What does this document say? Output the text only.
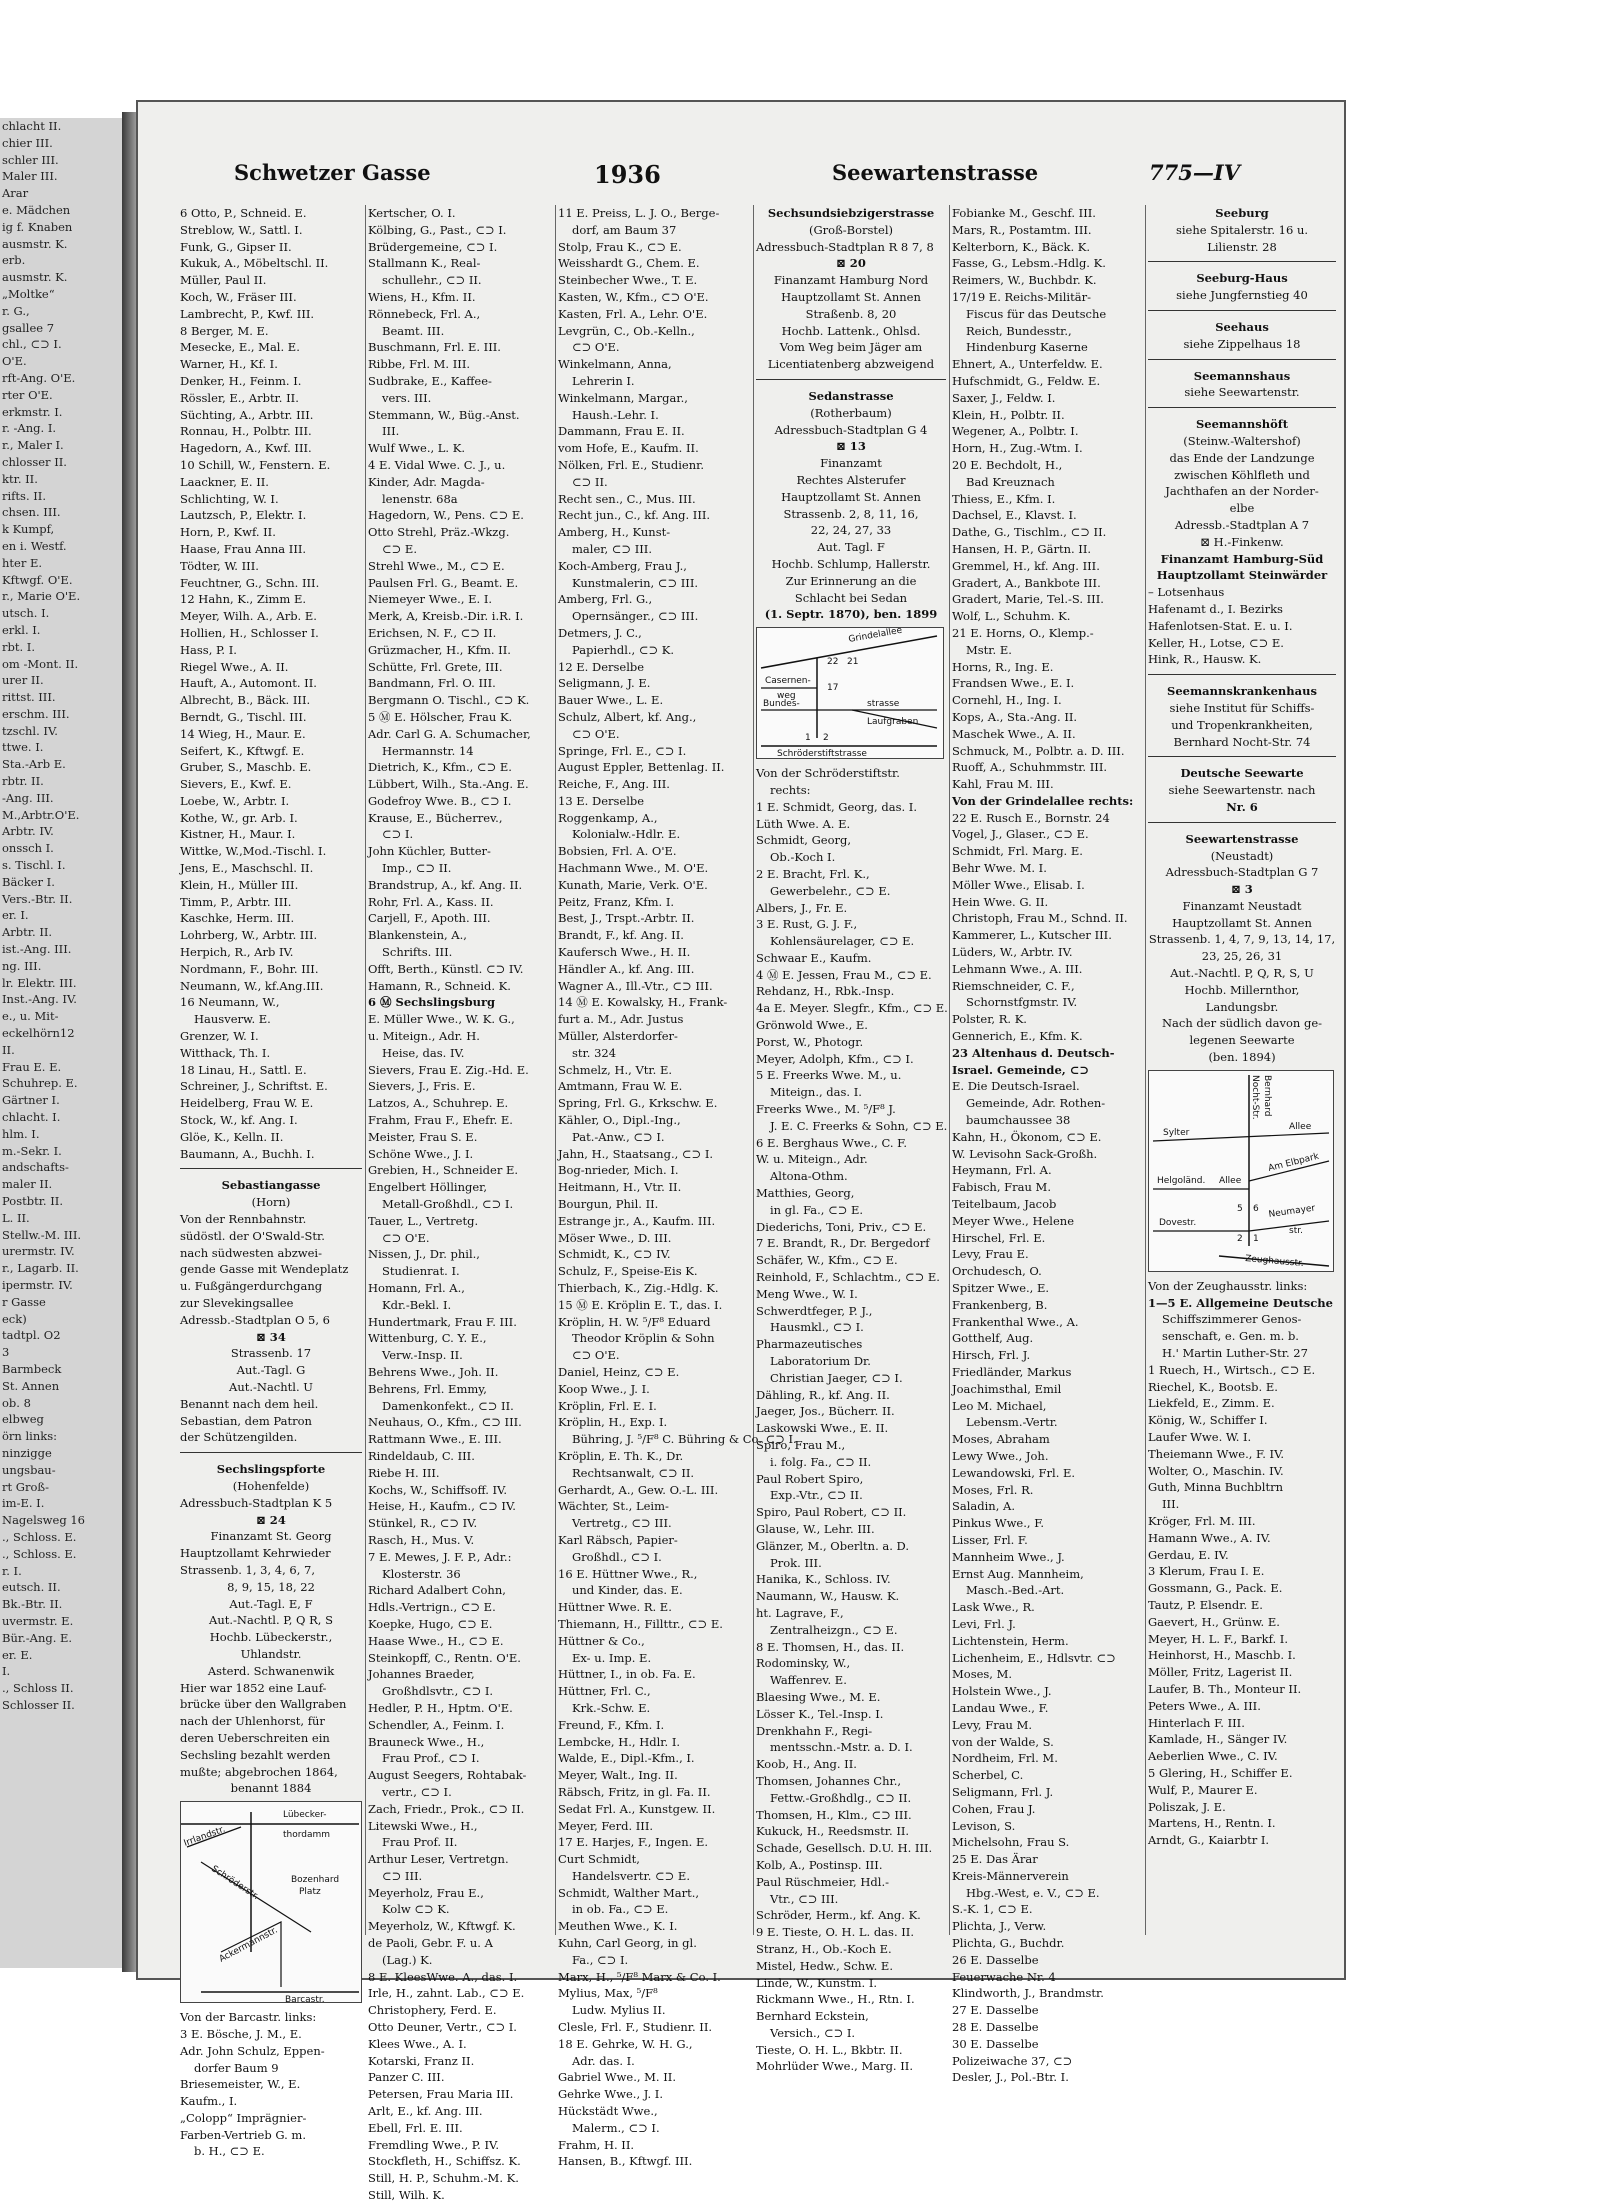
chlacht II.
chier III.
schler III.
Maler III.
Arar
e. Mädchen
ig f. Knaben
ausmstr. K.
erb.
ausmstr. K.
„Moltke“
r. G.,
gsallee 7
chl., ⊂⊃ I.
O'E.
rft-Ang. O'E.
rter O'E.
erkmstr. I.
r. -Ang. I.
r., Maler I.
chlosser II.
ktr. II.
rifts. II.
chsen. III.
k Kumpf,
en i. Westf.
hter E.
Kftwgf. O'E.
r., Marie O'E.
utsch. I.
erkl. I.
rbt. I.
om -Mont. II.
urer II.
rittst. III.
erschm. III.
tzschl. IV.
ttwe. I.
Sta.-Arb E.
rbtr. II.
-Ang. III.
M.,Arbtr.O'E.
Arbtr. IV.
onssch I.
s. Tischl. I.
Bäcker I.
Vers.-Btr. II.
er. I.
Arbtr. II.
ist.-Ang. III.
ng. III.
lr. Elektr. III.
Inst.-Ang. IV.
e., u. Mit-
eckelhörn12
II.
Frau E. E.
Schuhrep. E.
Gärtner I.
chlacht. I.
hlm. I.
m.-Sekr. I.
andschafts-
maler II.
Postbtr. II.
L. II.
Stellw.-M. III.
urermstr. IV.
r., Lagarb. II.
ipermstr. IV.
r Gasse
eck)
tadtpl. O2
3
Barmbeck
St. Annen
ob. 8
elbweg
örn links:
ninzigge
ungsbau-
rt Groß-
im-E. I.
Nagelsweg 16
., Schloss. E.
., Schloss. E.
r. I.
eutsch. II.
Bk.-Btr. II.
uvermstr. E.
Bür.-Ang. E.
er. E.
I.
., Schloss II.
Schlosser II.
Schwetzer Gasse	1936	Seewartenstrasse	775—IV
6 Otto, P., Schneid. E.
Streblow, W., Sattl. I.
Funk, G., Gipser II.
Kukuk, A., Möbeltschl. II.
Müller, Paul II.
Koch, W., Fräser III.
Lambrecht, P., Kwf. III.
8 Berger, M. E.
Mesecke, E., Mal. E.
Warner, H., Kf. I.
Denker, H., Feinm. I.
Rössler, E., Arbtr. II.
Süchting, A., Arbtr. III.
Ronnau, H., Polbtr. III.
Hagedorn, A., Kwf. III.
10 Schill, W., Fenstern. E.
Laackner, E. II.
Schlichting, W. I.
Lautzsch, P., Elektr. I.
Horn, P., Kwf. II.
Haase, Frau Anna III.
Tödter, W. III.
Feuchtner, G., Schn. III.
12 Hahn, K., Zimm E.
Meyer, Wilh. A., Arb. E.
Hollien, H., Schlosser I.
Hass, P. I.
Riegel Wwe., A. II.
Hauft, A., Automont. II.
Albrecht, B., Bäck. III.
Berndt, G., Tischl. III.
14 Wieg, H., Maur. E.
Seifert, K., Kftwgf. E.
Gruber, S., Maschb. E.
Sievers, E., Kwf. E.
Loebe, W., Arbtr. I.
Kothe, W., gr. Arb. I.
Kistner, H., Maur. I.
Wittke, W.,Mod.-Tischl. I.
Jens, E., Maschschl. II.
Klein, H., Müller III.
Timm, P., Arbtr. III.
Kaschke, Herm. III.
Lohrberg, W., Arbtr. III.
Herpich, R., Arb IV.
Nordmann, F., Bohr. III.
Neumann, W., kf.Ang.III.
16 Neumann, W.,
Hausverw. E.
Grenzer, W. I.
Witthack, Th. I.
18 Linau, H., Sattl. E.
Schreiner, J., Schriftst. E.
Heidelberg, Frau W. E.
Stock, W., kf. Ang. I.
Glöe, K., Kelln. II.
Baumann, A., Buchh. I.
Sebastiangasse
(Horn)
Von der Rennbahnstr.
südöstl. der O'Swald-Str.
nach südwesten abzwei-
gende Gasse mit Wendeplatz
u. Fußgängerdurchgang
zur Slevekingsallee
Adressb.-Stadtplan O 5, 6
⊠ 34
Strassenb. 17
Aut.-Tagl. G
Aut.-Nachtl. U
Benannt nach dem heil.
Sebastian, dem Patron
der Schützengilden.
Sechslingspforte
(Hohenfelde)
Adressbuch-Stadtplan K 5
⊠ 24
Finanzamt St. Georg
Hauptzollamt Kehrwieder
Strassenb. 1, 3, 4, 6, 7,
8, 9, 15, 18, 22
Aut.-Tagl. E, F
Aut.-Nachtl. P, Q R, S
Hochb. Lübeckerstr.,
Uhlandstr.
Asterd. Schwanenwik
Hier war 1852 eine Lauf-
brücke über den Wallgraben
nach der Uhlenhorst, für
deren Ueberschreiten ein
Sechsling bezahlt werden
mußte; abgebrochen 1864,
benannt 1884
Lübecker-
thordamm
Irrlandstr.
Schröderstr.	Bozenhard
Platz
Ackermannstr.
Barcastr.
Von der Barcastr. links:
3 E. Bösche, J. M., E.
Adr. John Schulz, Eppen-
dorfer Baum 9
Briesemeister, W., E.
Kaufm., I.
„Colopp“ Imprägnier-
Farben-Vertrieb G. m.
b. H., ⊂⊃ E.
Kertscher, O. I.
Kölbing, G., Past., ⊂⊃ I.
Brüdergemeine, ⊂⊃ I.
Stallmann K., Real-
schullehr., ⊂⊃ II.
Wiens, H., Kfm. II.
Rönnebeck, Frl. A.,
Beamt. III.
Buschmann, Frl. E. III.
Ribbe, Frl. M. III.
Sudbrake, E., Kaffee-
vers. III.
Stemmann, W., Büg.-Anst.
III.
Wulf Wwe., L. K.
4 E. Vidal Wwe. C. J., u.
Kinder, Adr. Magda-
lenenstr. 68a
Hagedorn, W., Pens. ⊂⊃ E.
Otto Strehl, Präz.-Wkzg.
⊂⊃ E.
Strehl Wwe., M., ⊂⊃ E.
Paulsen Frl. G., Beamt. E.
Niemeyer Wwe., E. I.
Merk, A, Kreisb.-Dir. i.R. I.
Erichsen, N. F., ⊂⊃ II.
Grüzmacher, H., Kfm. II.
Schütte, Frl. Grete, III.
Bandmann, Frl. O. III.
Bergmann O. Tischl., ⊂⊃ K.
5 Ⓜ E. Hölscher, Frau K.
Adr. Carl G. A. Schumacher,
Hermannstr. 14
Dietrich, K., Kfm., ⊂⊃ E.
Lübbert, Wilh., Sta.-Ang. E.
Godefroy Wwe. B., ⊂⊃ I.
Krause, E., Bücherrev.,
⊂⊃ I.
John Küchler, Butter-
Imp., ⊂⊃ II.
Brandstrup, A., kf. Ang. II.
Rohr, Frl. A., Kass. II.
Carjell, F., Apoth. III.
Blankenstein, A.,
Schrifts. III.
Offt, Berth., Künstl. ⊂⊃ IV.
Hamann, R., Schneid. K.
6 Ⓜ Sechslingsburg
E. Müller Wwe., W. K. G.,
u. Miteign., Adr. H.
Heise, das. IV.
Sievers, Frau E. Zig.-Hd. E.
Sievers, J., Fris. E.
Latzos, A., Schuhrep. E.
Frahm, Frau F., Ehefr. E.
Meister, Frau S. E.
Schöne Wwe., J. I.
Grebien, H., Schneider E.
Engelbert Höllinger,
Metall-Großhdl., ⊂⊃ I.
Tauer, L., Vertretg.
⊂⊃ O'E.
Nissen, J., Dr. phil.,
Studienrat. I.
Homann, Frl. A.,
Kdr.-Bekl. I.
Hundertmark, Frau F. III.
Wittenburg, C. Y. E.,
Verw.-Insp. II.
Behrens Wwe., Joh. II.
Behrens, Frl. Emmy,
Damenkonfekt., ⊂⊃ II.
Neuhaus, O., Kfm., ⊂⊃ III.
Rattmann Wwe., E. III.
Rindeldaub, C. III.
Riebe H. III.
Kochs, W., Schiffsoff. IV.
Heise, H., Kaufm., ⊂⊃ IV.
Stünkel, R., ⊂⊃ IV.
Rasch, H., Mus. V.
7 E. Mewes, J. F. P., Adr.:
Klosterstr. 36
Richard Adalbert Cohn,
Hdls.-Vertrign., ⊂⊃ E.
Koepke, Hugo, ⊂⊃ E.
Haase Wwe., H., ⊂⊃ E.
Steinkopff, C., Rentn. O'E.
Johannes Braeder,
Großhdlsvtr., ⊂⊃ I.
Hedler, P. H., Hptm. O'E.
Schendler, A., Feinm. I.
Brauneck Wwe., H.,
Frau Prof., ⊂⊃ I.
August Seegers, Rohtabak-
vertr., ⊂⊃ I.
Zach, Friedr., Prok., ⊂⊃ II.
Litewski Wwe., H.,
Frau Prof. II.
Arthur Leser, Vertretgn.
⊂⊃ III.
Meyerholz, Frau E.,
Kolw ⊂⊃ K.
Meyerholz, W., Kftwgf. K.
de Paoli, Gebr. F. u. A
(Lag.) K.
8 E. KleesWwe. A., das. I.
Irle, H., zahnt. Lab., ⊂⊃ E.
Christophery, Ferd. E.
Otto Deuner, Vertr., ⊂⊃ I.
Klees Wwe., A. I.
Kotarski, Franz II.
Panzer C. III.
Petersen, Frau Maria III.
Arlt, E., kf. Ang. III.
Ebell, Frl. E. III.
Fremdling Wwe., P. IV.
Stockfleth, H., Schiffsz. K.
Still, H. P., Schuhm.-M. K.
Still, Wilh. K.
11 E. Preiss, L. J. O., Berge-
dorf, am Baum 37
Stolp, Frau K., ⊂⊃ E.
Weisshardt G., Chem. E.
Steinbecher Wwe., T. E.
Kasten, W., Kfm., ⊂⊃ O'E.
Kasten, Frl. A., Lehr. O'E.
Levgrün, C., Ob.-Kelln.,
⊂⊃ O'E.
Winkelmann, Anna,
Lehrerin I.
Winkelmann, Margar.,
Haush.-Lehr. I.
Dammann, Frau E. II.
vom Hofe, E., Kaufm. II.
Nölken, Frl. E., Studienr.
⊂⊃ II.
Recht sen., C., Mus. III.
Recht jun., C., kf. Ang. III.
Amberg, H., Kunst-
maler, ⊂⊃ III.
Koch-Amberg, Frau J.,
Kunstmalerin, ⊂⊃ III.
Amberg, Frl. G.,
Opernsänger., ⊂⊃ III.
Detmers, J. C.,
Papierhdl., ⊂⊃ K.
12 E. Derselbe
Seligmann, J. E.
Bauer Wwe., L. E.
Schulz, Albert, kf. Ang.,
⊂⊃ O'E.
Springe, Frl. E., ⊂⊃ I.
August Eppler, Bettenlag. II.
Reiche, F., Ang. III.
13 E. Derselbe
Roggenkamp, A.,
Kolonialw.-Hdlr. E.
Bobsien, Frl. A. O'E.
Hachmann Wwe., M. O'E.
Kunath, Marie, Verk. O'E.
Peitz, Franz, Kfm. I.
Best, J., Trspt.-Arbtr. II.
Brandt, F., kf. Ang. II.
Kaufersch Wwe., H. II.
Händler A., kf. Ang. III.
Wagner A., Ill.-Vtr., ⊂⊃ III.
14 Ⓜ E. Kowalsky, H., Frank-
furt a. M., Adr. Justus
Müller, Alsterdorfer-
str. 324
Schmelz, H., Vtr. E.
Amtmann, Frau W. E.
Spring, Frl. G., Krkschw. E.
Kähler, O., Dipl.-Ing.,
Pat.-Anw., ⊂⊃ I.
Jahn, H., Staatsang., ⊂⊃ I.
Bog-nrieder, Mich. I.
Heitmann, H., Vtr. II.
Bourgun, Phil. II.
Estrange jr., A., Kaufm. III.
Möser Wwe., D. III.
Schmidt, K., ⊂⊃ IV.
Schulz, F., Speise-Eis K.
Thierbach, K., Zig.-Hdlg. K.
15 Ⓜ E. Kröplin E. T., das. I.
Kröplin, H. W. ⁵/F⁸ Eduard
Theodor Kröplin & Sohn
⊂⊃ O'E.
Daniel, Heinz, ⊂⊃ E.
Koop Wwe., J. I.
Kröplin, Frl. E. I.
Kröplin, H., Exp. I.
Bühring, J. ⁵/F⁸ C. Bühring & Co. ⊂⊃ I.
Kröplin, E. Th. K., Dr.
Rechtsanwalt, ⊂⊃ II.
Gerhardt, A., Gew. O.-L. III.
Wächter, St., Leim-
Vertretg., ⊂⊃ III.
Karl Räbsch, Papier-
Großhdl., ⊂⊃ I.
16 E. Hüttner Wwe., R.,
und Kinder, das. E.
Hüttner Wwe. R. E.
Thiemann, H., Fillttr., ⊂⊃ E.
Hüttner & Co.,
Ex- u. Imp. E.
Hüttner, I., in ob. Fa. E.
Hüttner, Frl. C.,
Krk.-Schw. E.
Freund, F., Kfm. I.
Lembcke, H., Hdlr. I.
Walde, E., Dipl.-Kfm., I.
Meyer, Walt., Ing. II.
Räbsch, Fritz, in gl. Fa. II.
Sedat Frl. A., Kunstgew. II.
Meyer, Ferd. III.
17 E. Harjes, F., Ingen. E.
Curt Schmidt,
Handelsvertr. ⊂⊃ E.
Schmidt, Walther Mart.,
in ob. Fa., ⊂⊃ E.
Meuthen Wwe., K. I.
Kuhn, Carl Georg, in gl.
Fa., ⊂⊃ I.
Marx, H., ⁵/F⁸ Marx & Co. I.
Mylius, Max, ⁵/F⁸
Ludw. Mylius II.
Clesle, Frl. F., Studienr. II.
18 E. Gehrke, W. H. G.,
Adr. das. I.
Gabriel Wwe., M. II.
Gehrke Wwe., J. I.
Hückstädt Wwe.,
Malerm., ⊂⊃ I.
Frahm, H. II.
Hansen, B., Kftwgf. III.
Sechsundsiebzigerstrasse
(Groß-Borstel)
Adressbuch-Stadtplan R 8 7, 8
⊠ 20
Finanzamt Hamburg Nord
Hauptzollamt St. Annen
Straßenb. 8, 20
Hochb. Lattenk., Ohlsd.
Vom Weg beim Jäger am
Licentiatenberg abzweigend
Sedanstrasse
(Rotherbaum)
Adressbuch-Stadtplan G 4
⊠ 13
Finanzamt
Rechtes Alsterufer
Hauptzollamt St. Annen
Strassenb. 2, 8, 11, 16,
22, 24, 27, 33
Aut. Tagl. F
Hochb. Schlump, Hallerstr.
Zur Erinnerung an die
Schlacht bei Sedan
(1. Septr. 1870), ben. 1899
Grindelallee
22 21
Casernen-
weg
17
Bundes-	strasse
Laufgraben
1 2
Schröderstiftstrasse
Von der Schröderstiftstr.
rechts:
1 E. Schmidt, Georg, das. I.
Lüth Wwe. A. E.
Schmidt, Georg,
Ob.-Koch I.
2 E. Bracht, Frl. K.,
Gewerbelehr., ⊂⊃ E.
Albers, J., Fr. E.
3 E. Rust, G. J. F.,
Kohlensäurelager, ⊂⊃ E.
Schwaar E., Kaufm.
4 Ⓜ E. Jessen, Frau M., ⊂⊃ E.
Rehdanz, H., Rbk.-Insp.
4a E. Meyer. Slegfr., Kfm., ⊂⊃ E.
Grönwold Wwe., E.
Porst, W., Photogr.
Meyer, Adolph, Kfm., ⊂⊃ I.
5 E. Freerks Wwe. M., u.
Miteign., das. I.
Freerks Wwe., M. ⁵/F⁸ J.
J. E. C. Freerks & Sohn, ⊂⊃ E.
6 E. Berghaus Wwe., C. F.
W. u. Miteign., Adr.
Altona-Othm.
Matthies, Georg,
in gl. Fa., ⊂⊃ E.
Diederichs, Toni, Priv., ⊂⊃ E.
7 E. Brandt, R., Dr. Bergedorf
Schäfer, W., Kfm., ⊂⊃ E.
Reinhold, F., Schlachtm., ⊂⊃ E.
Meng Wwe., W. I.
Schwerdtfeger, P. J.,
Hausmkl., ⊂⊃ I.
Pharmazeutisches
Laboratorium Dr.
Christian Jaeger, ⊂⊃ I.
Dähling, R., kf. Ang. II.
Jaeger, Jos., Bücherr. II.
Laskowski Wwe., E. II.
Spiro, Frau M.,
i. folg. Fa., ⊂⊃ II.
Paul Robert Spiro,
Exp.-Vtr., ⊂⊃ II.
Spiro, Paul Robert, ⊂⊃ II.
Glause, W., Lehr. III.
Glänzer, M., Oberltn. a. D.
Prok. III.
Hanika, K., Schloss. IV.
Naumann, W., Hausw. K.
ht. Lagrave, F.,
Zentralheizgn., ⊂⊃ E.
8 E. Thomsen, H., das. II.
Rodominsky, W.,
Waffenrev. E.
Blaesing Wwe., M. E.
Lösser K., Tel.-Insp. I.
Drenkhahn F., Regi-
mentsschn.-Mstr. a. D. I.
Koob, H., Ang. II.
Thomsen, Johannes Chr.,
Fettw.-Großhdlg., ⊂⊃ II.
Thomsen, H., Klm., ⊂⊃ III.
Kukuck, H., Reedsmstr. II.
Schade, Gesellsch. D.U. H. III.
Kolb, A., Postinsp. III.
Paul Rüschmeier, Hdl.-
Vtr., ⊂⊃ III.
Schröder, Herm., kf. Ang. K.
9 E. Tieste, O. H. L. das. II.
Stranz, H., Ob.-Koch E.
Mistel, Hedw., Schw. E.
Linde, W., Kunstm. I.
Rickmann Wwe., H., Rtn. I.
Bernhard Eckstein,
Versich., ⊂⊃ I.
Tieste, O. H. L., Bkbtr. II.
Mohrlüder Wwe., Marg. II.
Fobianke M., Geschf. III.
Mars, R., Postamtm. III.
Kelterborn, K., Bäck. K.
Fasse, G., Lebsm.-Hdlg. K.
Reimers, W., Buchbdr. K.
17/19 E. Reichs-Militär-
Fiscus für das Deutsche
Reich, Bundesstr.,
Hindenburg Kaserne
Ehnert, A., Unterfeldw. E.
Hufschmidt, G., Feldw. E.
Saxer, J., Feldw. I.
Klein, H., Polbtr. II.
Wegener, A., Polbtr. I.
Horn, H., Zug.-Wtm. I.
20 E. Bechdolt, H.,
Bad Kreuznach
Thiess, E., Kfm. I.
Dachsel, E., Klavst. I.
Dathe, G., Tischlm., ⊂⊃ II.
Hansen, H. P., Gärtn. II.
Gremmel, H., kf. Ang. III.
Gradert, A., Bankbote III.
Gradert, Marie, Tel.-S. III.
Wolf, L., Schuhm. K.
21 E. Horns, O., Klemp.-
Mstr. E.
Horns, R., Ing. E.
Frandsen Wwe., E. I.
Cornehl, H., Ing. I.
Kops, A., Sta.-Ang. II.
Maschek Wwe., A. II.
Schmuck, M., Polbtr. a. D. III.
Ruoff, A., Schuhmmstr. III.
Kahl, Frau M. III.
Von der Grindelallee rechts:
22 E. Rusch E., Bornstr. 24
Vogel, J., Glaser., ⊂⊃ E.
Schmidt, Frl. Marg. E.
Behr Wwe. M. I.
Möller Wwe., Elisab. I.
Hein Wwe. G. II.
Christoph, Frau M., Schnd. II.
Kammerer, L., Kutscher III.
Lüders, W., Arbtr. IV.
Lehmann Wwe., A. III.
Riemschneider, C. F.,
Schornstfgmstr. IV.
Polster, R. K.
Gennerich, E., Kfm. K.
23 Altenhaus d. Deutsch-
Israel. Gemeinde, ⊂⊃
E. Die Deutsch-Israel.
Gemeinde, Adr. Rothen-
baumchaussee 38
Kahn, H., Ökonom, ⊂⊃ E.
W. Levisohn Sack-Großh.
Heymann, Frl. A.
Fabisch, Frau M.
Teitelbaum, Jacob
Meyer Wwe., Helene
Hirschel, Frl. E.
Levy, Frau E.
Orchudesch, O.
Spitzer Wwe., E.
Frankenberg, B.
Frankenthal Wwe., A.
Gotthelf, Aug.
Hirsch, Frl. J.
Friedländer, Markus
Joachimsthal, Emil
Leo M. Michael,
Lebensm.-Vertr.
Moses, Abraham
Lewy Wwe., Joh.
Lewandowski, Frl. E.
Moses, Frl. R.
Saladin, A.
Pinkus Wwe., F.
Lisser, Frl. F.
Mannheim Wwe., J.
Ernst Aug. Mannheim,
Masch.-Bed.-Art.
Lask Wwe., R.
Levi, Frl. J.
Lichtenstein, Herm.
Lichenheim, E., Hdlsvtr. ⊂⊃
Moses, M.
Holstein Wwe., J.
Landau Wwe., F.
Levy, Frau M.
von der Walde, S.
Nordheim, Frl. M.
Scherbel, C.
Seligmann, Frl. J.
Cohen, Frau J.
Levison, S.
Michelsohn, Frau S.
25 E. Das Ärar
Kreis-Männerverein
Hbg.-West, e. V., ⊂⊃ E.
S.-K. 1, ⊂⊃ E.
Plichta, J., Verw.
Plichta, G., Buchdr.
26 E. Dasselbe
Feuerwache Nr. 4
Klindworth, J., Brandmstr.
27 E. Dasselbe
28 E. Dasselbe
30 E. Dasselbe
Polizeiwache 37, ⊂⊃
Desler, J., Pol.-Btr. I.
Seeburg
siehe Spitalerstr. 16 u.
Lilienstr. 28
Seeburg-Haus
siehe Jungfernstieg 40
Seehaus
siehe Zippelhaus 18
Seemannshaus
siehe Seewartenstr.
Seemannshöft
(Steinw.-Waltershof)
das Ende der Landzunge
zwischen Köhlfleth und
Jachthafen an der Norder-
elbe
Adressb.-Stadtplan A 7
⊠ H.-Finkenw.
Finanzamt Hamburg-Süd
Hauptzollamt Steinwärder
– Lotsenhaus
Hafenamt d., I. Bezirks
Hafenlotsen-Stat. E. u. I.
Keller, H., Lotse, ⊂⊃ E.
Hink, R., Hausw. K.
Seemannskrankenhaus
siehe Institut für Schiffs-
und Tropenkrankheiten,
Bernhard Nocht-Str. 74
Deutsche Seewarte
siehe Seewartenstr. nach
Nr. 6
Seewartenstrasse
(Neustadt)
Adressbuch-Stadtplan G 7
⊠ 3
Finanzamt Neustadt
Hauptzollamt St. Annen
Strassenb. 1, 4, 7, 9, 13, 14, 17,
23, 25, 26, 31
Aut.-Nachtl. P, Q, R, S, U
Hochb. Millernthor,
Landungsbr.
Nach der südlich davon ge-
legenen Seewarte
(ben. 1894)
Bernhard
Nocht-Str.
Sylter
Allee
Am Elbpark
Helgoländ. Allee
Dovestr.
Neumayer
str.
Zeughausstr.
1
2
5 6
Von der Zeughausstr. links:
1—5 E. Allgemeine Deutsche
Schiffszimmerer Genos-
senschaft, e. Gen. m. b.
H.' Martin Luther-Str. 27
1 Ruech, H., Wirtsch., ⊂⊃ E.
Riechel, K., Bootsb. E.
Liekfeld, E., Zimm. E.
König, W., Schiffer I.
Laufer Wwe. W. I.
Theiemann Wwe., F. IV.
Wolter, O., Maschin. IV.
Guth, Minna Buchbltrn
III.
Kröger, Frl. M. III.
Hamann Wwe., A. IV.
Gerdau, E. IV.
3 Klerum, Frau I. E.
Gossmann, G., Pack. E.
Tautz, P. Elsendr. E.
Gaevert, H., Grünw. E.
Meyer, H. L. F., Barkf. I.
Heinhorst, H., Maschb. I.
Möller, Fritz, Lagerist II.
Laufer, B. Th., Monteur II.
Peters Wwe., A. III.
Hinterlach F. III.
Kamlade, H., Sänger IV.
Aeberlien Wwe., C. IV.
5 Glering, H., Schiffer E.
Wulf, P., Maurer E.
Poliszak, J. E.
Martens, H., Rentn. I.
Arndt, G., Kaiarbtr I.
